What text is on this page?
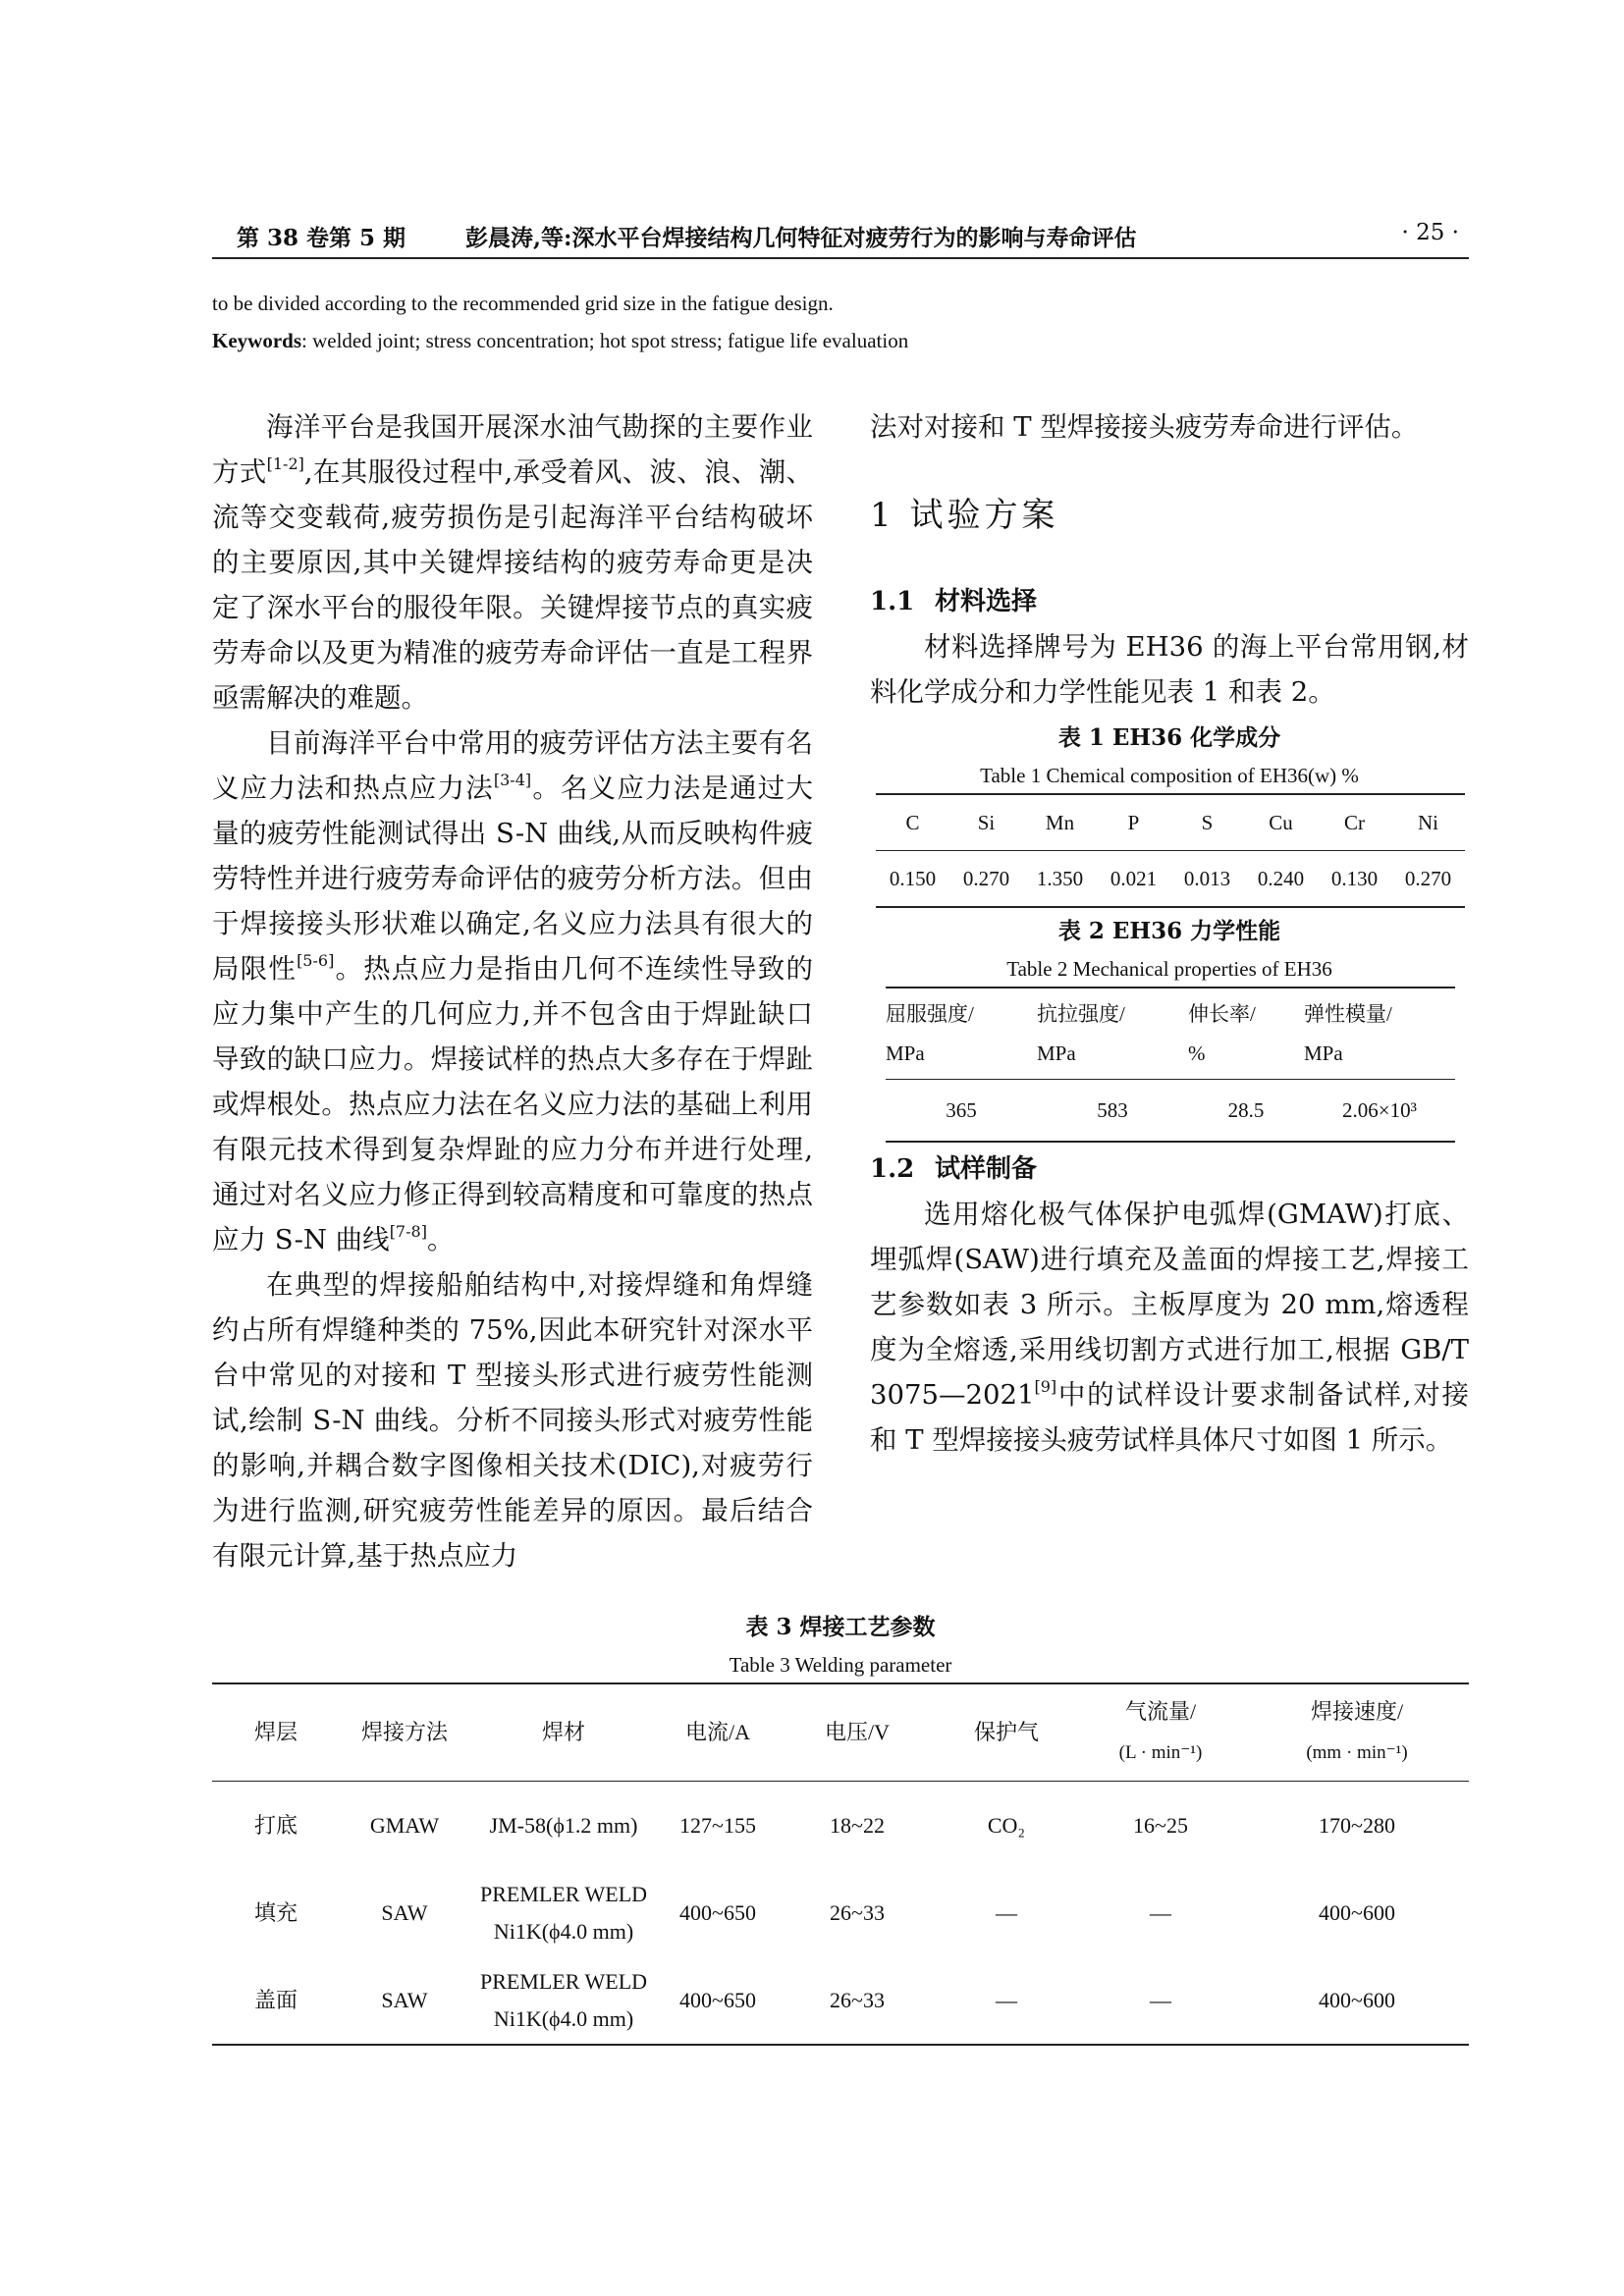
第 38 卷第 5 期	彭晨涛,等:深水平台焊接结构几何特征对疲劳行为的影响与寿命评估	· 25 ·
to be divided according to the recommended grid size in the fatigue design.
Keywords: welded joint; stress concentration; hot spot stress; fatigue life evaluation

海洋平台是我国开展深水油气勘探的主要作业方式[1-2],在其服役过程中,承受着风、波、浪、潮、流等交变载荷,疲劳损伤是引起海洋平台结构破坏的主要原因,其中关键焊接结构的疲劳寿命更是决定了深水平台的服役年限。关键焊接节点的真实疲劳寿命以及更为精准的疲劳寿命评估一直是工程界亟需解决的难题。

目前海洋平台中常用的疲劳评估方法主要有名义应力法和热点应力法[3-4]。名义应力法是通过大量的疲劳性能测试得出 S-N 曲线,从而反映构件疲劳特性并进行疲劳寿命评估的疲劳分析方法。但由于焊接接头形状难以确定,名义应力法具有很大的局限性[5-6]。热点应力是指由几何不连续性导致的应力集中产生的几何应力,并不包含由于焊趾缺口导致的缺口应力。焊接试样的热点大多存在于焊趾或焊根处。热点应力法在名义应力法的基础上利用有限元技术得到复杂焊趾的应力分布并进行处理,通过对名义应力修正得到较高精度和可靠度的热点应力 S-N 曲线[7-8]。

在典型的焊接船舶结构中,对接焊缝和角焊缝约占所有焊缝种类的 75%,因此本研究针对深水平台中常见的对接和 T 型接头形式进行疲劳性能测试,绘制 S-N 曲线。分析不同接头形式对疲劳性能的影响,并耦合数字图像相关技术(DIC),对疲劳行为进行监测,研究疲劳性能差异的原因。最后结合有限元计算,基于热点应力

法对对接和 T 型焊接接头疲劳寿命进行评估。

1 试验方案
1.1 材料选择

材料选择牌号为 EH36 的海上平台常用钢,材料化学成分和力学性能见表 1 和表 2。

表 1 EH36 化学成分
Table 1 Chemical composition of EH36(w) %
C	Si	Mn	P	S	Cu	Cr	Ni
0.150	0.270	1.350	0.021	0.013	0.240	0.130	0.270
表 2 EH36 力学性能
Table 2 Mechanical properties of EH36
屈服强度/
MPa	抗拉强度/
MPa	伸长率/
%	弹性模量/
MPa
365	583	28.5	2.06×10³
1.2 试样制备

选用熔化极气体保护电弧焊(GMAW)打底、埋弧焊(SAW)进行填充及盖面的焊接工艺,焊接工艺参数如表 3 所示。主板厚度为 20 mm,熔透程度为全熔透,采用线切割方式进行加工,根据 GB/T 3075—2021[9]中的试样设计要求制备试样,对接和 T 型焊接接头疲劳试样具体尺寸如图 1 所示。

表 3 焊接工艺参数
Table 3 Welding parameter
焊层	焊接方法	焊材	电流/A	电压/V	保护气	气流量/
(L · min⁻¹)	焊接速度/
(mm · min⁻¹)
打底	GMAW	JM-58(ϕ1.2 mm)	127~155	18~22	CO₂	16~25	170~280
填充	SAW	PREMLER WELD
Ni1K(ϕ4.0 mm)	400~650	26~33	—	—	400~600
盖面	SAW	PREMLER WELD
Ni1K(ϕ4.0 mm)	400~650	26~33	—	—	400~600
